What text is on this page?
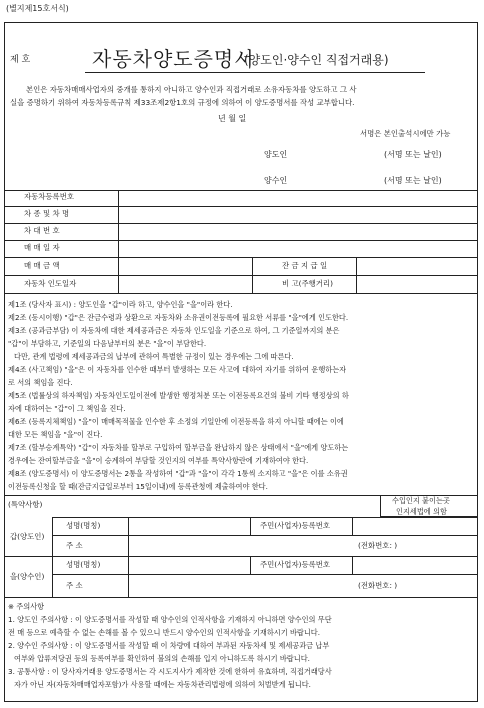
(별지제15호서식)
제 호	자동차양도증명서
(양도인·양수인 직접거래용)
본인은 자동차매매사업자의 중개를 통하지 아니하고 양수인과 직접거래로 소유자동차를 양도하고 그 사
실을 증명하기 위하여 자동차등록규칙 제33조제2항1호의 규정에 의하여 이 양도증명서를 작성 교부합니다.
년 월 일
서명은 본인출석시에만 가능
양도인	(서명 또는 날인)
양수인	(서명 또는 날인)
자동차등록번호
차 종 및 차 명
차 대 번 호
매 매 일 자
매 매 금 액	잔 금 지 급 일
자동차 인도일자	비 고(주행거리)
제1조 (당사자 표시) : 양도인을 "갑"이라 하고, 양수인을 "을"이라 한다.
제2조 (동시이행) "갑"은 잔금수령과 상환으로 자동차와 소유권이전등록에 필요한 서류를 "을"에게 인도한다.
제3조 (공과금부담) 이 자동차에 대한 제세공과금은 자동차 인도일을 기준으로 하여, 그 기준일까지의 분은
"갑"이 부담하고, 기준일의 다음날부터의 분은 "을"이 부담한다.
다만, 관계 법령에 제세공과금의 납부에 관하여 특별한 규정이 있는 경우에는 그에 따른다.
제4조 (사고책임) "을"은 이 자동차를 인수한 때부터 발생하는 모든 사고에 대하여 자기를 위하여 운행하는자
로 서의 책임을 진다.
제5조 (법률상의 하자책임) 자동차인도일이전에 발생한 행정처분 또는 이전등록요건의 불비 기타 행정상의 하
자에 대하여는 "갑"이 그 책임을 진다.
제6조 (등록지체책임) "을"이 매매목적물을 인수한 후 소정의 기일안에 이전등록을 하지 아니할 때에는 이에
대한 모든 책임을 "을"이 진다.
제7조 (할부승계특약) "갑"이 자동차를 할부로 구입하여 할부금을 완납하지 않은 상태에서 "을"에게 양도하는
경우에는 잔여할부금을 "을"이 승계하여 부담할 것인지의 여부를 특약사항란에 기재하여야 한다.
제8조 (양도증명서) 이 양도증명서는 2통을 작성하여 "갑"과 "을"이 각각 1통씩 소지하고 "을"은 이를 소유권
이전등록신청을 할 때(잔금지급일로부터 15일이내)에 등록관청에 제출하여야 한다.
(특약사항)	수입인지 붙이는곳
인지세법에 의함
갑(양도인)
성명(명칭)	주민(사업자)등록번호
주 소	(전화번호: )
을(양수인)
성명(명칭)	주민(사업자)등록번호
주 소	(전화번호: )
※ 주의사항
1. 양도인 주의사항 : 이 양도증명서를 작성할 때 양수인의 인적사항을 기재하지 아니하면 양수인의 무단
전 매 등으로 예측할 수 없는 손해를 볼 수 있으니 반드시 양수인의 인적사항을 기재하시기 바랍니다.
2. 양수인 주의사항 : 이 양도증명서를 작성할 때 이 차량에 대하여 부과된 자동차세 및 제세공과금 납부
여부와 압류저당권 등의 등록여부를 확인하여 불의의 손해를 입지 아니하도록 하시기 바랍니다.
3. 공통사항 : 이 당사자거래용 양도증명서는 각 시도지사가 제작한 것에 한하여 유효하며, 직접거래당사
자가 아닌 자(자동차매매업자포함)가 사용할 때에는 자동차관리법령에 의하여 처벌받게 됩니다.
